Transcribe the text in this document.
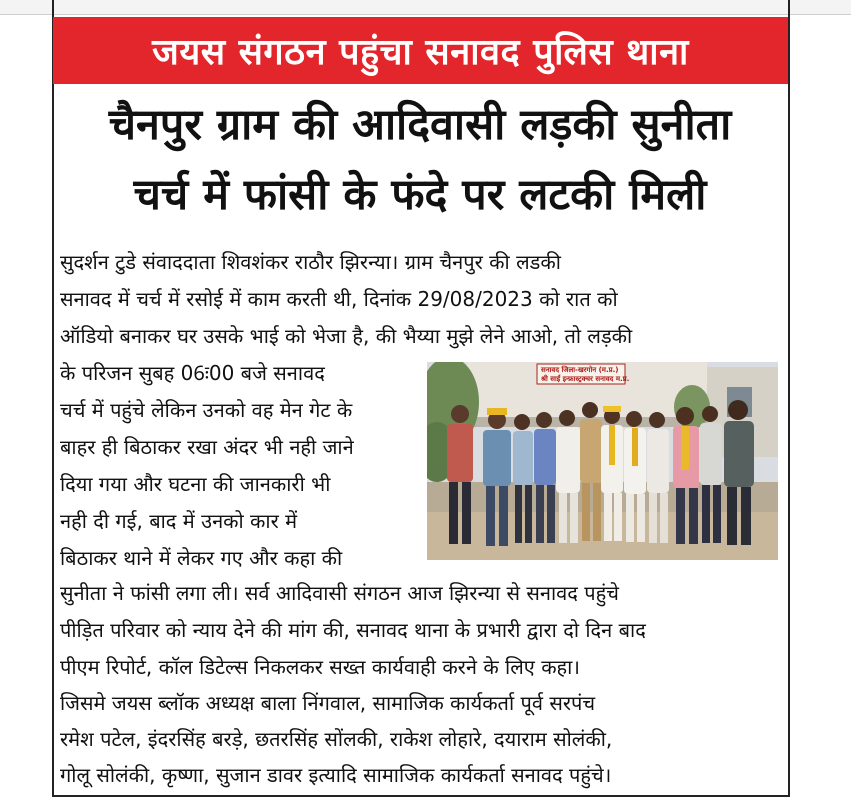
जयस संगठन पहुंचा सनावद पुलिस थाना
चैनपुर ग्राम की आदिवासी लड़की सुनीता
चर्च में फांसी के फंदे पर लटकी मिली
सुदर्शन टुडे संवाददाता शिवशंकर राठौर झिरन्या। ग्राम चैनपुर की लडकी
सनावद में चर्च में रसोई में काम करती थी, दिनांक 29/08/2023 को रात को
ऑडियो बनाकर घर उसके भाई को भेजा है, की भैय्या मुझे लेने आओ, तो लड़की
के परिजन सुबह 06ः00 बजे सनावद
चर्च में पहुंचे लेकिन उनको वह मेन गेट के
बाहर ही बिठाकर रखा अंदर भी नही जाने
दिया गया और घटना की जानकारी भी
नही दी गई, बाद में उनको कार में
बिठाकर थाने में लेकर गए और कहा की
सुनीता ने फांसी लगा ली। सर्व आदिवासी संगठन आज झिरन्या से सनावद पहुंचे
पीड़ित परिवार को न्याय देने की मांग की, सनावद थाना के प्रभारी द्वारा दो दिन बाद
पीएम रिपोर्ट, कॉल डिटेल्स निकलकर सख्त कार्यवाही करने के लिए कहा।
जिसमे जयस ब्लॉक अध्यक्ष बाला निंगवाल, सामाजिक कार्यकर्ता पूर्व सरपंच
रमेश पटेल, इंदरसिंह बरड़े, छतरसिंह सोंलकी, राकेश लोहारे, दयाराम सोलंकी,
गोलू सोलंकी, कृष्णा, सुजान डावर इत्यादि सामाजिक कार्यकर्ता सनावद पहुंचे।
सनावद जिला-खरगोन (म.प्र.)
श्री साईं इन्फ्रास्ट्रक्चर सनावद म.प्र.
